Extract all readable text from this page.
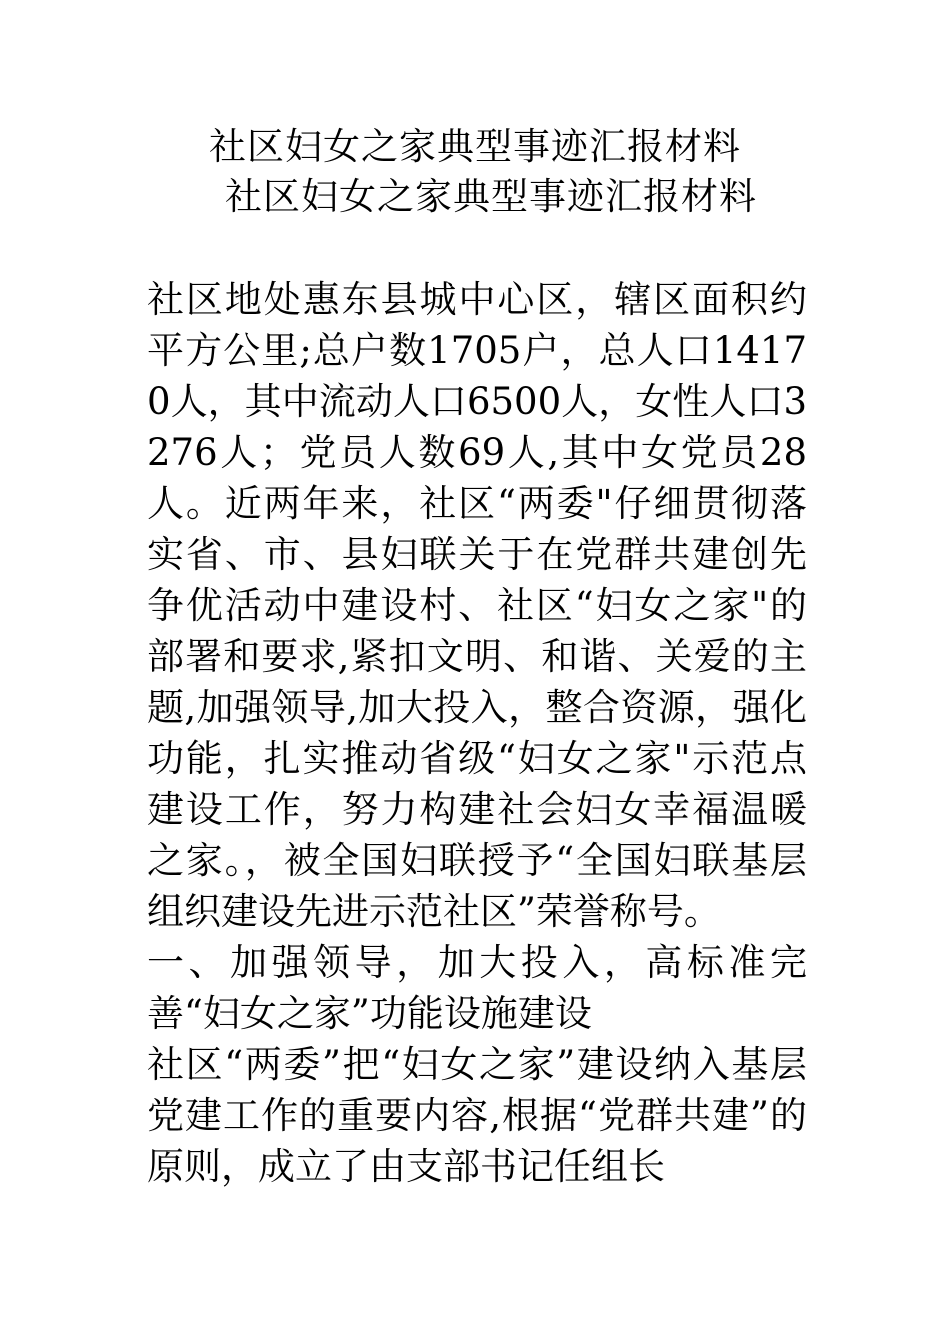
社区妇女之家典型事迹汇报材料
社区妇女之家典型事迹汇报材料

社区地处惠东县城中心区，辖区面积约平方公里;总户数1705户，总人口14170人，其中流动人口6500人，女性人口3276人；党员人数69人,其中女党员28人。近两年来，社区“两委"仔细贯彻落实省、市、县妇联关于在党群共建创先争优活动中建设村、社区“妇女之家"的部署和要求,紧扣文明、和谐、关爱的主题,加强领导,加大投入，整合资源，强化功能，扎实推动省级“妇女之家"示范点建设工作，努力构建社会妇女幸福温暖之家。，被全国妇联授予“全国妇联基层组织建设先进示范社区”荣誉称号。

一、加强领导，加大投入，高标准完善“妇女之家”功能设施建设

社区“两委”把“妇女之家”建设纳入基层党建工作的重要内容,根据“党群共建”的原则，成立了由支部书记任组长
